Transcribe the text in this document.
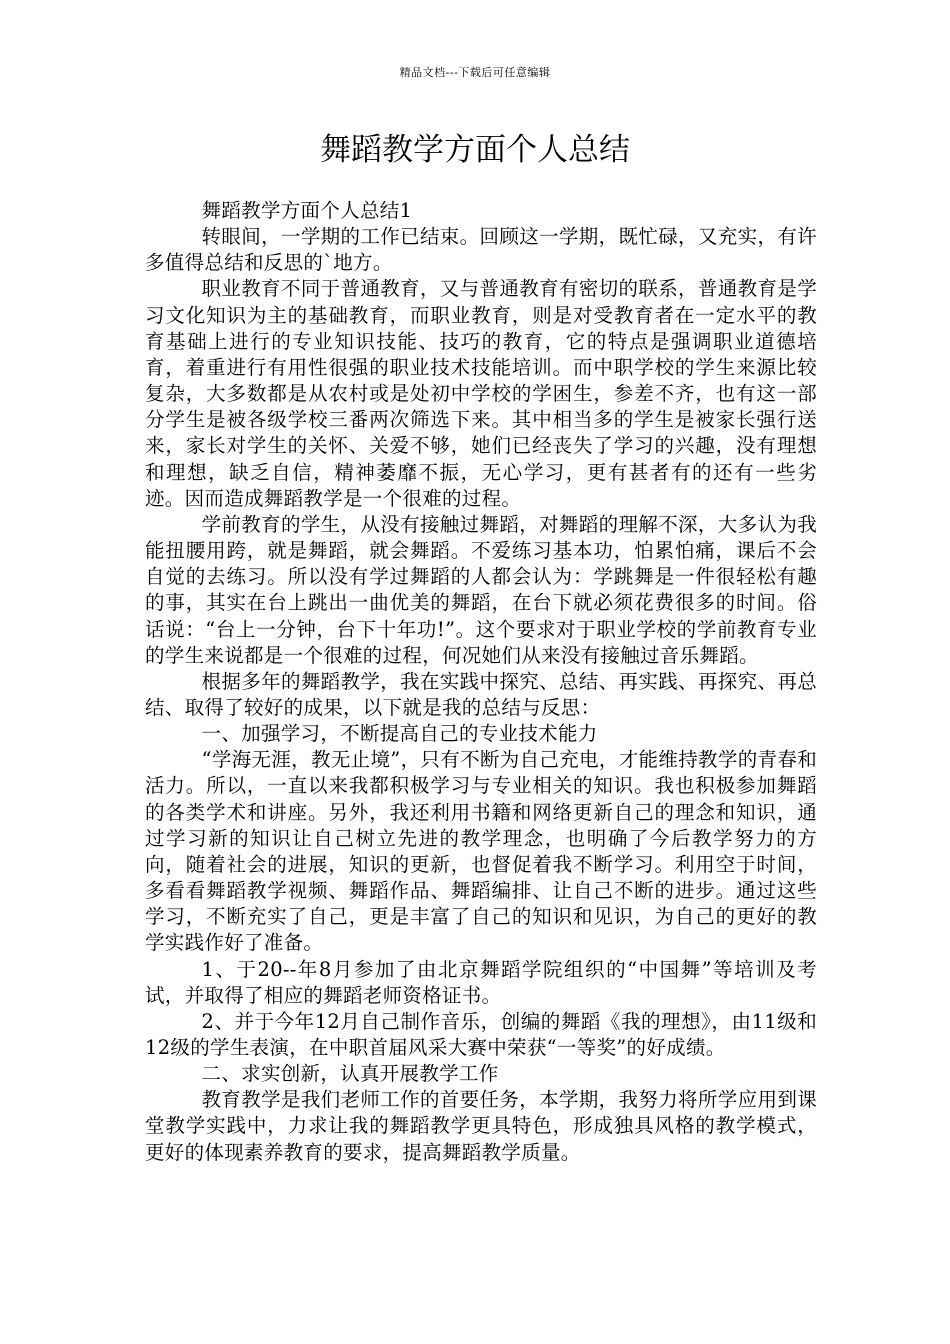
精品文档---下载后可任意编辑
舞蹈教学方面个人总结

舞蹈教学方面个人总结1

转眼间，一学期的工作已结束。回顾这一学期，既忙碌，又充实，有许多值得总结和反思的`地方。

职业教育不同于普通教育，又与普通教育有密切的联系，普通教育是学习文化知识为主的基础教育，而职业教育，则是对受教育者在一定水平的教育基础上进行的专业知识技能、技巧的教育，它的特点是强调职业道德培育，着重进行有用性很强的职业技术技能培训。而中职学校的学生来源比较复杂，大多数都是从农村或是处初中学校的学困生，参差不齐，也有这一部分学生是被各级学校三番两次筛选下来。其中相当多的学生是被家长强行送来，家长对学生的关怀、关爱不够，她们已经丧失了学习的兴趣，没有理想和理想，缺乏自信，精神萎靡不振，无心学习，更有甚者有的还有一些劣迹。因而造成舞蹈教学是一个很难的过程。

学前教育的学生，从没有接触过舞蹈，对舞蹈的理解不深，大多认为我能扭腰用跨，就是舞蹈，就会舞蹈。不爱练习基本功，怕累怕痛，课后不会自觉的去练习。所以没有学过舞蹈的人都会认为：学跳舞是一件很轻松有趣的事，其实在台上跳出一曲优美的舞蹈，在台下就必须花费很多的时间。俗话说：“台上一分钟，台下十年功!”。这个要求对于职业学校的学前教育专业的学生来说都是一个很难的过程，何况她们从来没有接触过音乐舞蹈。

根据多年的舞蹈教学，我在实践中探究、总结、再实践、再探究、再总结、取得了较好的成果，以下就是我的总结与反思：

一、加强学习，不断提高自己的专业技术能力

“学海无涯，教无止境”，只有不断为自己充电，才能维持教学的青春和活力。所以，一直以来我都积极学习与专业相关的知识。我也积极参加舞蹈的各类学术和讲座。另外，我还利用书籍和网络更新自己的理念和知识，通过学习新的知识让自己树立先进的教学理念，也明确了今后教学努力的方向，随着社会的进展，知识的更新，也督促着我不断学习。利用空于时间，多看看舞蹈教学视频、舞蹈作品、舞蹈编排、让自己不断的进步。通过这些学习，不断充实了自己，更是丰富了自己的知识和见识，为自己的更好的教学实践作好了准备。

1、于20--年8月参加了由北京舞蹈学院组织的“中国舞”等培训及考试，并取得了相应的舞蹈老师资格证书。

2、并于今年12月自己制作音乐，创编的舞蹈《我的理想》，由11级和12级的学生表演，在中职首届风采大赛中荣获“一等奖”的好成绩。

二、求实创新，认真开展教学工作

教育教学是我们老师工作的首要任务，本学期，我努力将所学应用到课堂教学实践中，力求让我的舞蹈教学更具特色，形成独具风格的教学模式，更好的体现素养教育的要求，提高舞蹈教学质量。
